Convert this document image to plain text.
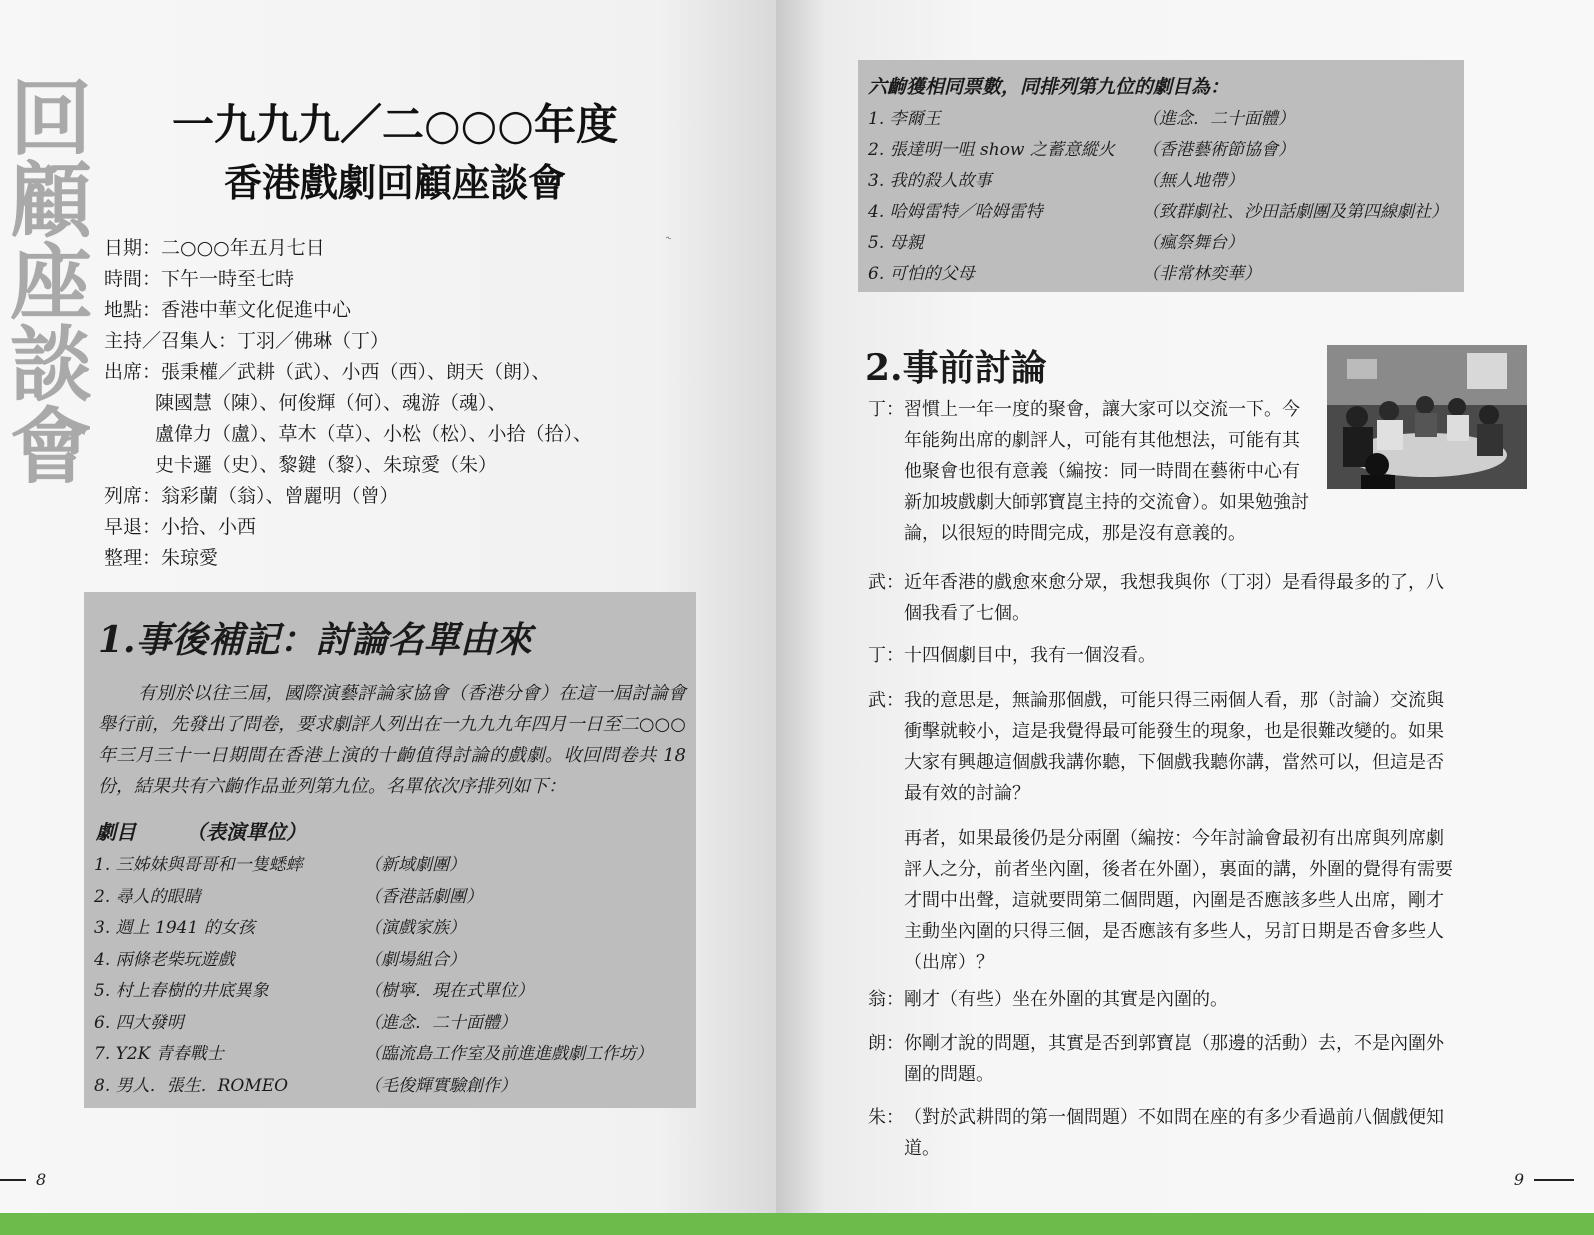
回
顧
座
談
會
一九九九／二○○○年度
香港戲劇回顧座談會
˞
日期： 二○○○年五月七日
時間： 下午一時至七時
地點： 香港中華文化促進中心
主持／召集人： 丁羽／佛琳（丁）
出席： 張秉權／武耕（武）、小西（西）、朗天（朗）、
陳國慧（陳）、何俊輝（何）、魂游（魂）、
盧偉力（盧）、草木（草）、小松（松）、小拾（拾）、
史卡邏（史）、黎鍵（黎）、朱琼愛（朱）
列席： 翁彩蘭（翁）、曾麗明（曾）
早退： 小拾、小西
整理： 朱琼愛
1.事後補記：討論名單由來
有別於以往三屆，國際演藝評論家協會（香港分會）在這一屆討論會舉行前，先發出了問卷，要求劇評人列出在一九九九年四月一日至二○○○年三月三十一日期間在香港上演的十齣值得討論的戲劇。收回問卷共 18 份，結果共有六齣作品並列第九位。名單依次序排列如下：
劇目	（表演單位）
1. 三姊妹與哥哥和一隻蟋蟀	（新域劇團）
2. 尋人的眼睛	（香港話劇團）
3. 週上 1941 的女孩	（演戲家族）
4. 兩條老柴玩遊戲	（劇場組合）
5. 村上春樹的井底異象	（樹寧．現在式單位）
6. 四大發明	（進念．二十面體）
7. Y2K 青春戰士	（臨流島工作室及前進進戲劇工作坊）
8. 男人．張生．ROMEO	（毛俊輝實驗創作）
8
六齣獲相同票數，同排列第九位的劇目為：
1. 李爾王	（進念．二十面體）
2. 張達明一咀 show 之蓄意縱火 （香港藝術節協會）
3. 我的殺人故事	（無人地帶）
4. 哈姆雷特／哈姆雷特	（致群劇社、沙田話劇團及第四線劇社）
5. 母親	（瘋祭舞台）
6. 可怕的父母	（非常林奕華）
2.事前討論
丁： 習慣上一年一度的聚會，讓大家可以交流一下。今年能夠出席的劇評人，可能有其他想法，可能有其他聚會也很有意義（編按：同一時間在藝術中心有新加坡戲劇大師郭寶崑主持的交流會）。如果勉強討論，以很短的時間完成，那是沒有意義的。

武： 近年香港的戲愈來愈分眾，我想我與你（丁羽）是看得最多的了，八個我看了七個。

丁： 十四個劇目中，我有一個沒看。

武： 我的意思是，無論那個戲，可能只得三兩個人看，那（討論）交流與衝擊就較小，這是我覺得最可能發生的現象，也是很難改變的。如果大家有興趣這個戲我講你聽，下個戲我聽你講，當然可以，但這是否最有效的討論？

再者，如果最後仍是分兩圍（編按：今年討論會最初有出席與列席劇評人之分，前者坐內圍，後者在外圍），裏面的講，外圍的覺得有需要才間中出聲，這就要問第二個問題，內圍是否應該多些人出席，剛才主動坐內圍的只得三個，是否應該有多些人，另訂日期是否會多些人（出席）？

翁： 剛才（有些）坐在外圍的其實是內圍的。

朗： 你剛才說的問題，其實是否到郭寶崑（那邊的活動）去，不是內圍外圍的問題。

朱： （對於武耕問的第一個問題）不如問在座的有多少看過前八個戲便知道。

9
